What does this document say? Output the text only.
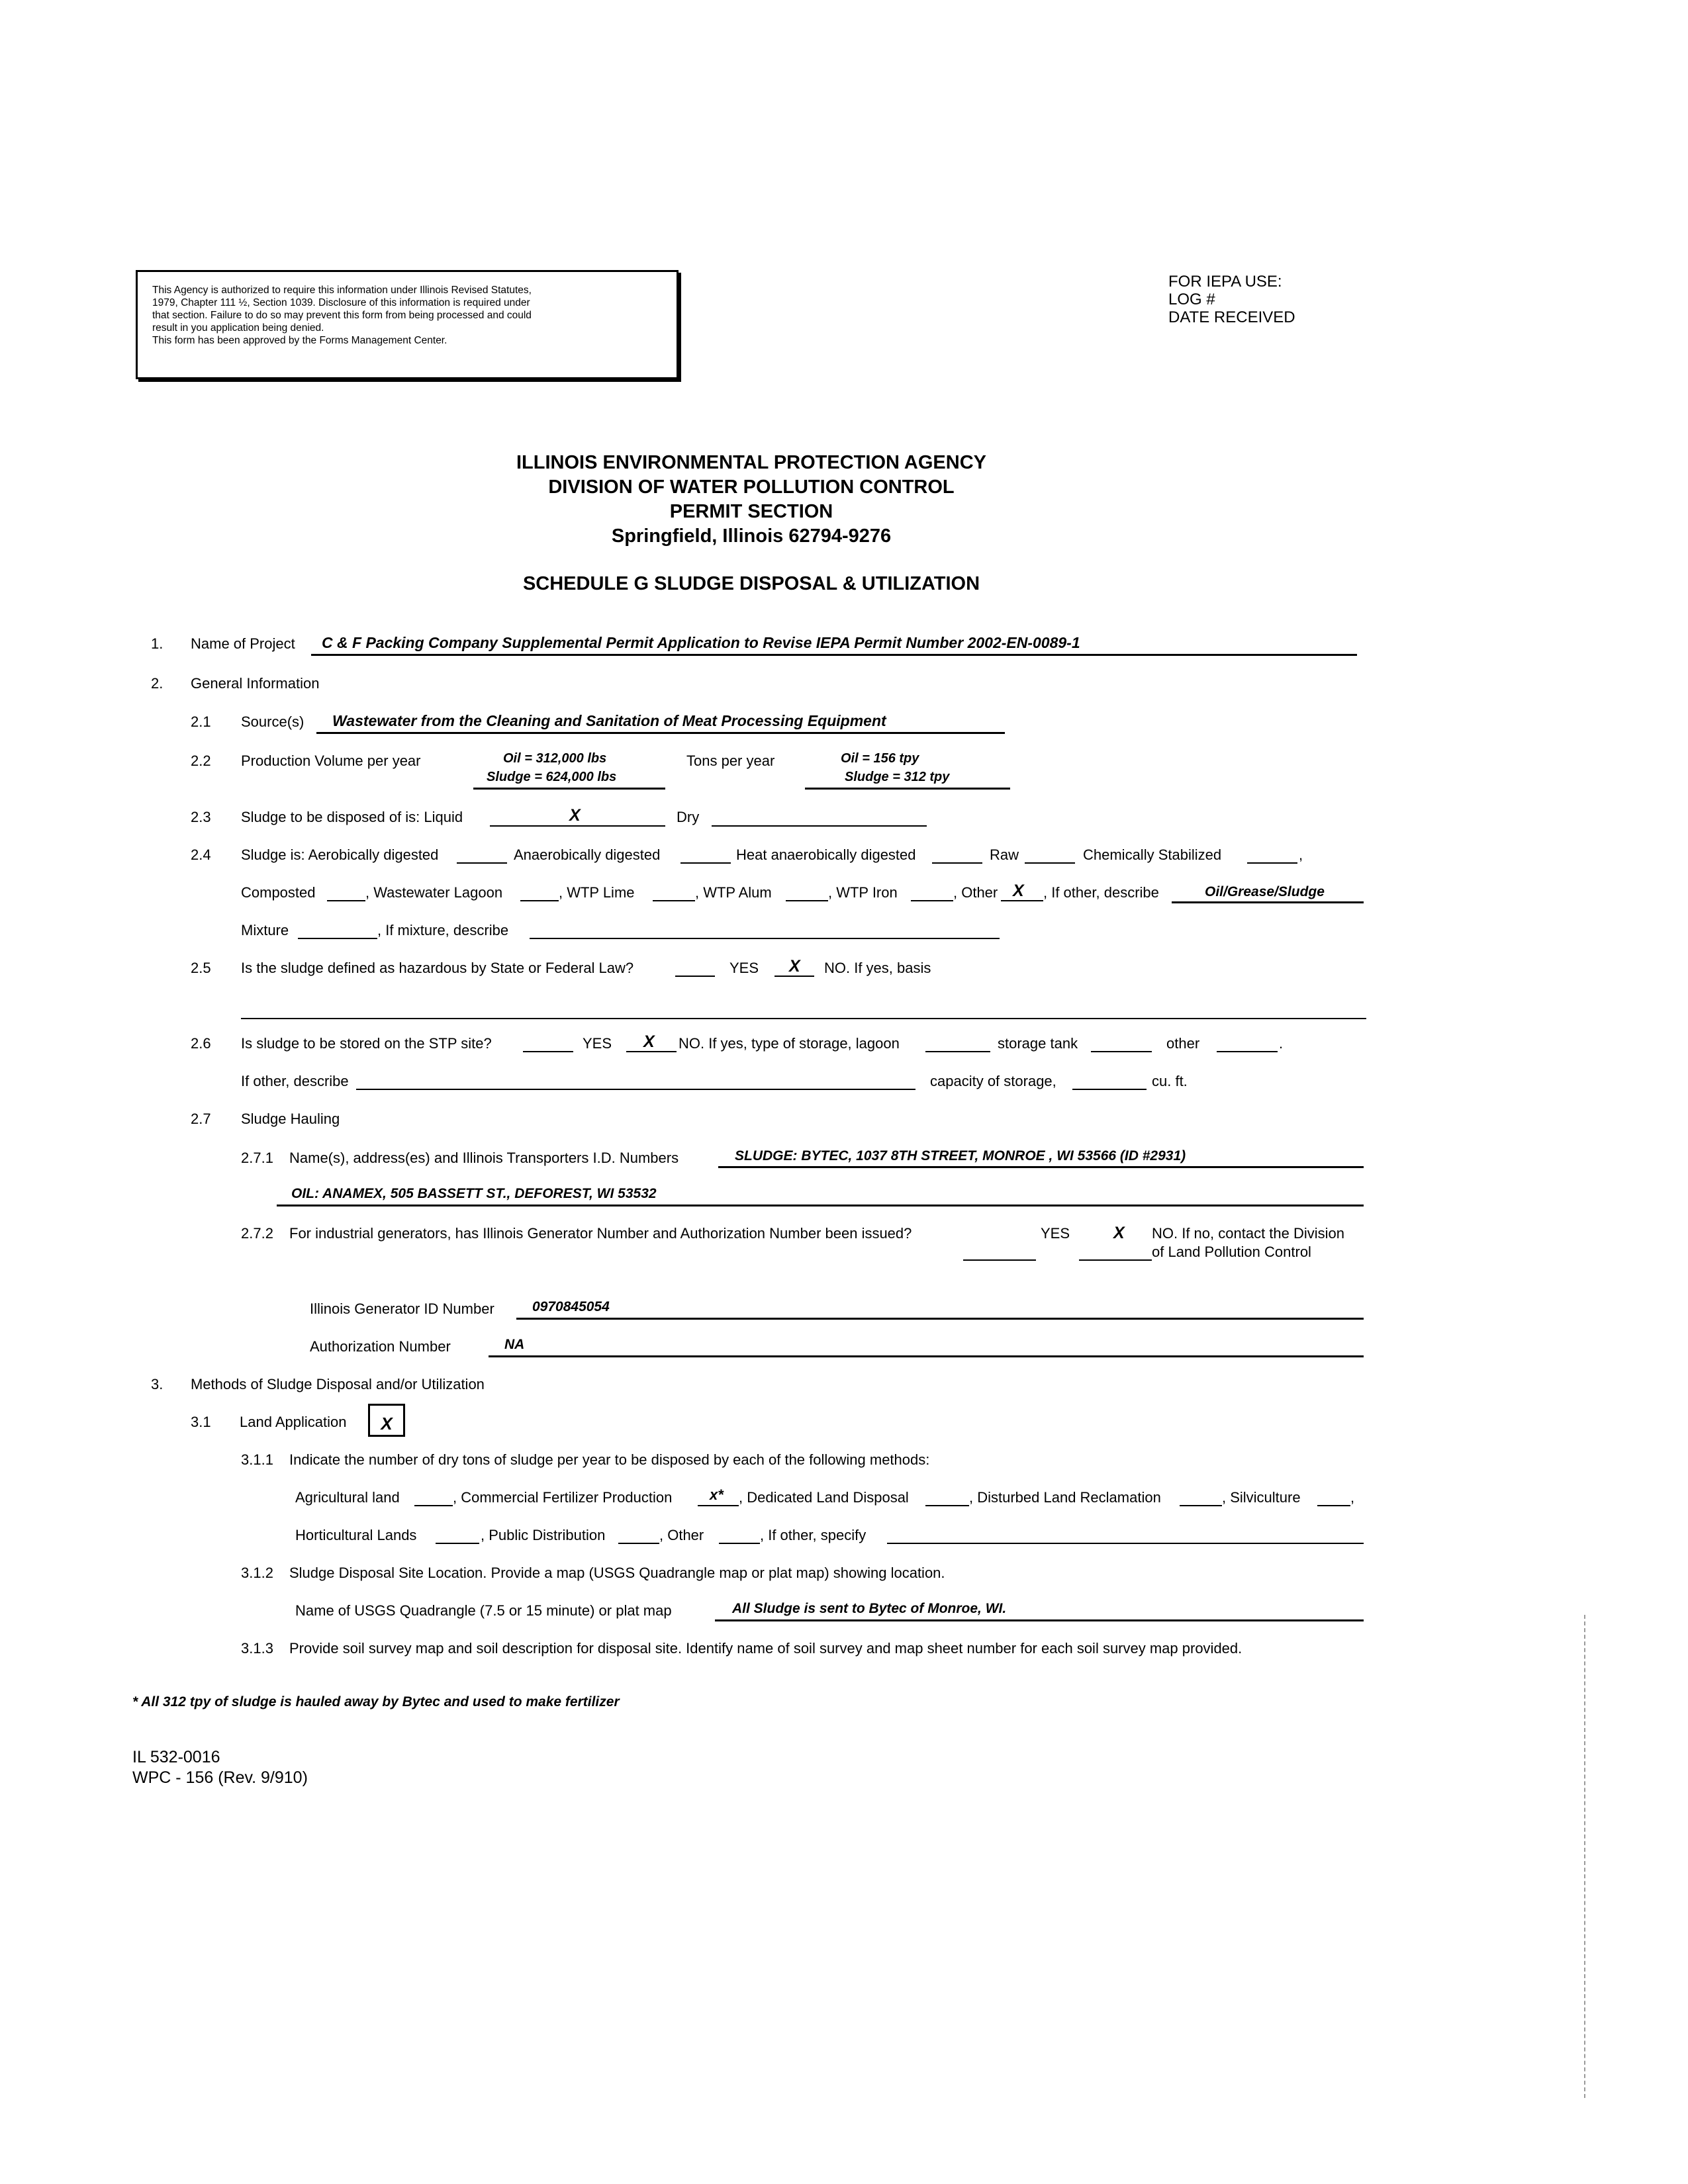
This Agency is authorized to require this information under Illinois Revised Statutes,
1979, Chapter 111 ½, Section 1039. Disclosure of this information is required under
that section. Failure to do so may prevent this form from being processed and could
result in you application being denied.
This form has been approved by the Forms Management Center.
FOR IEPA USE:
LOG #
DATE RECEIVED
ILLINOIS ENVIRONMENTAL PROTECTION AGENCY
DIVISION OF WATER POLLUTION CONTROL
PERMIT SECTION
Springfield, Illinois 62794-9276
SCHEDULE G SLUDGE DISPOSAL & UTILIZATION
1. Name of Project C & F Packing Company Supplemental Permit Application to Revise IEPA Permit Number 2002-EN-0089-1
2. General Information
2.1 Source(s) Wastewater from the Cleaning and Sanitation of Meat Processing Equipment
2.2 Production Volume per year	Oil = 312,000 lbs
Sludge = 624,000 lbs
Tons per year	Oil = 156 tpy
Sludge = 312 tpy
2.3 Sludge to be disposed of is: Liquid	X	Dry
2.4 Sludge is: Aerobically digested	Anaerobically digested	Heat anaerobically digested	Raw	Chemically Stabilized	,
Composted	, Wastewater Lagoon	, WTP Lime	, WTP Alum	, WTP Iron	, Other X , If other, describe	Oil/Grease/Sludge
Mixture	, If mixture, describe
2.5 Is the sludge defined as hazardous by State or Federal Law?	YES X NO. If yes, basis
2.6 Is sludge to be stored on the STP site?	YES X NO. If yes, type of storage, lagoon	storage tank	other	.
If other, describe	capacity of storage,	cu. ft.
2.7 Sludge Hauling
2.7.1 Name(s), address(es) and Illinois Transporters I.D. Numbers	SLUDGE: BYTEC, 1037 8TH STREET, MONROE , WI 53566 (ID #2931)
OIL: ANAMEX, 505 BASSETT ST., DEFOREST, WI 53532
2.7.2 For industrial generators, has Illinois Generator Number and Authorization Number been issued?	YES	X NO. If no, contact the Division
of Land Pollution Control
Illinois Generator ID Number	0970845054
Authorization Number	NA
3. Methods of Sludge Disposal and/or Utilization
3.1 Land Application	X
3.1.1 Indicate the number of dry tons of sludge per year to be disposed by each of the following methods:
Agricultural land	, Commercial Fertilizer Production	x* , Dedicated Land Disposal	, Disturbed Land Reclamation	, Silviculture	,
Horticultural Lands	, Public Distribution	, Other	, If other, specify
3.1.2 Sludge Disposal Site Location. Provide a map (USGS Quadrangle map or plat map) showing location.
Name of USGS Quadrangle (7.5 or 15 minute) or plat map	All Sludge is sent to Bytec of Monroe, WI.
3.1.3 Provide soil survey map and soil description for disposal site. Identify name of soil survey and map sheet number for each soil survey map provided.
* All 312 tpy of sludge is hauled away by Bytec and used to make fertilizer
IL 532-0016
WPC - 156 (Rev. 9/910)
